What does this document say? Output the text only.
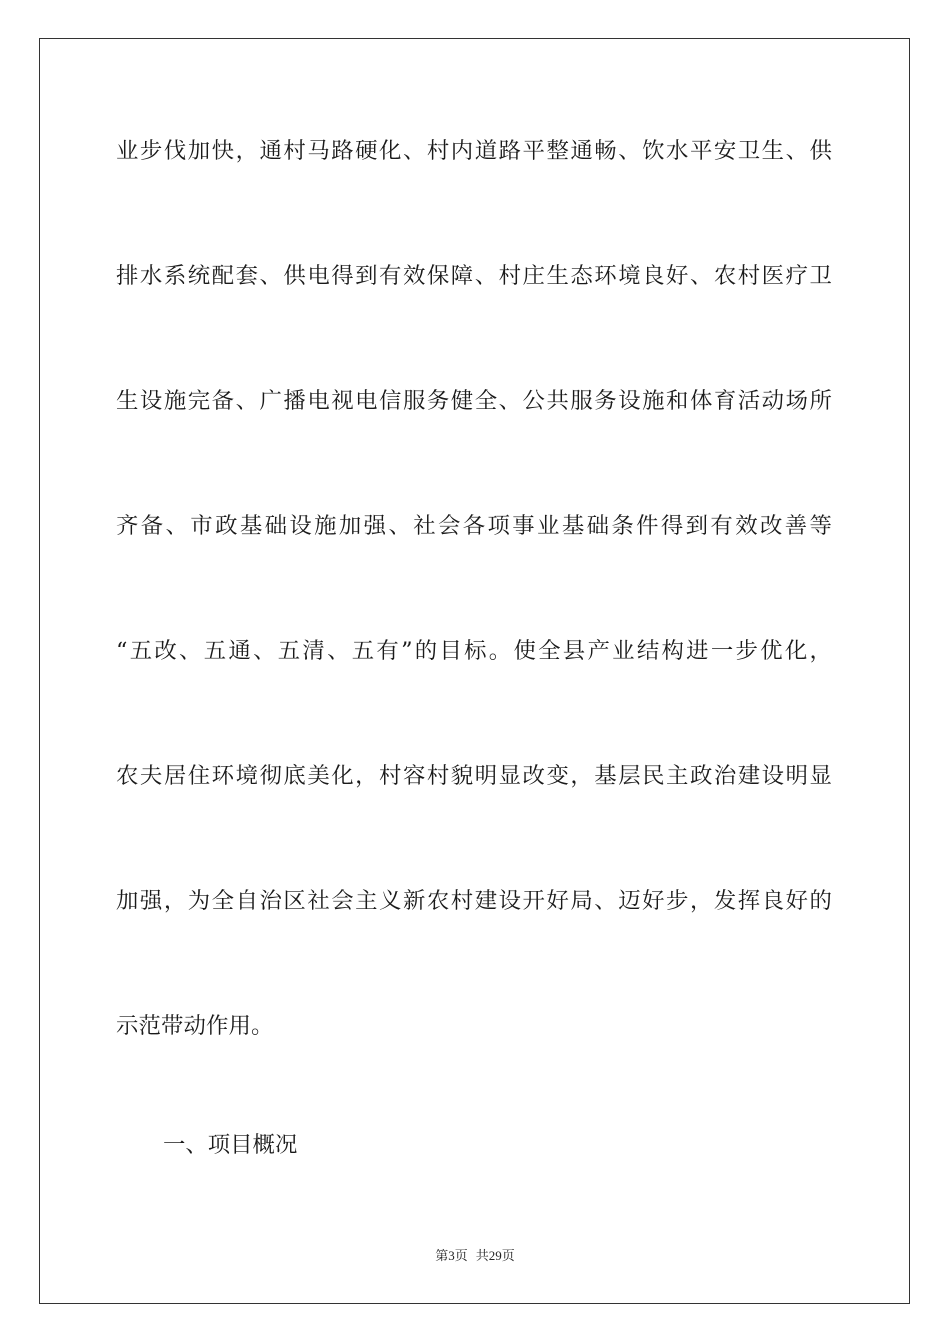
业步伐加快，通村马路硬化、村内道路平整通畅、饮水平安卫生、供
排水系统配套、供电得到有效保障、村庄生态环境良好、农村医疗卫
生设施完备、广播电视电信服务健全、公共服务设施和体育活动场所
齐备、市政基础设施加强、社会各项事业基础条件得到有效改善等
“五改、五通、五清、五有”的目标。使全县产业结构进一步优化，
农夫居住环境彻底美化，村容村貌明显改变，基层民主政治建设明显
加强，为全自治区社会主义新农村建设开好局、迈好步，发挥良好的
示范带动作用。
一、项目概况
第3页 共29页
